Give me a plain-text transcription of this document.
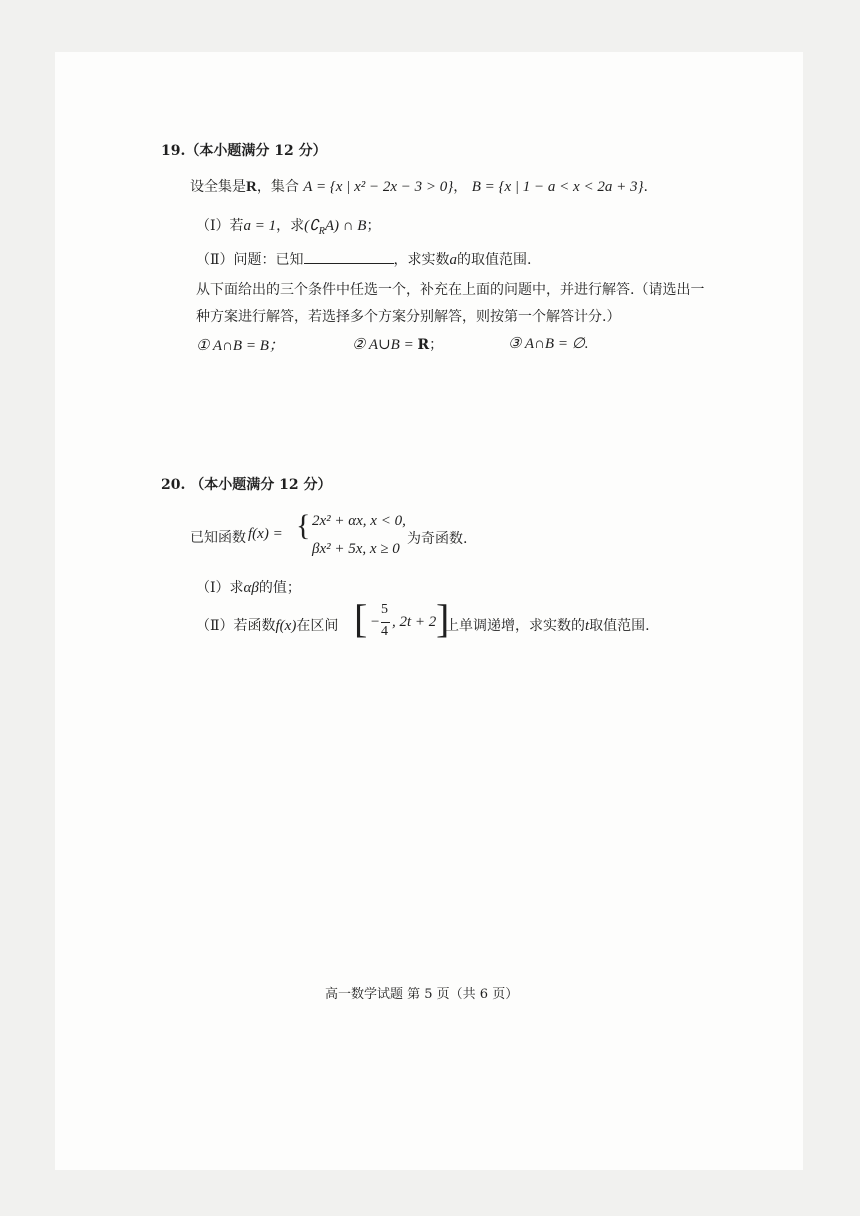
19.（本小题满分 12 分）
设全集是R，集合 A = {x | x² − 2x − 3 > 0}， B = {x | 1 − a < x < 2a + 3}.
（Ⅰ）若a = 1，求$(∁_RA)$ ∩ B；
（Ⅱ）问题：已知	，求实数a的取值范围.
从下面给出的三个条件中任选一个，补充在上面的问题中，并进行解答.（请选出一
种方案进行解答，若选择多个方案分别解答，则按第一个解答计分.）
① A∩B = B；	② A∪B = R；	③ A∩B = ∅.
20. （本小题满分 12 分）
已知函数 f(x) = { 2x² + αx, x < 0,
βx² + 5x, x ≥ 0
为奇函数.
（Ⅰ）求αβ的值；
（Ⅱ）若函数f(x)在区间 [ −
5
4
, 2t + 2 ]
上单调递增，求实数的t取值范围.
高一数学试题 第 5 页（共 6 页）
